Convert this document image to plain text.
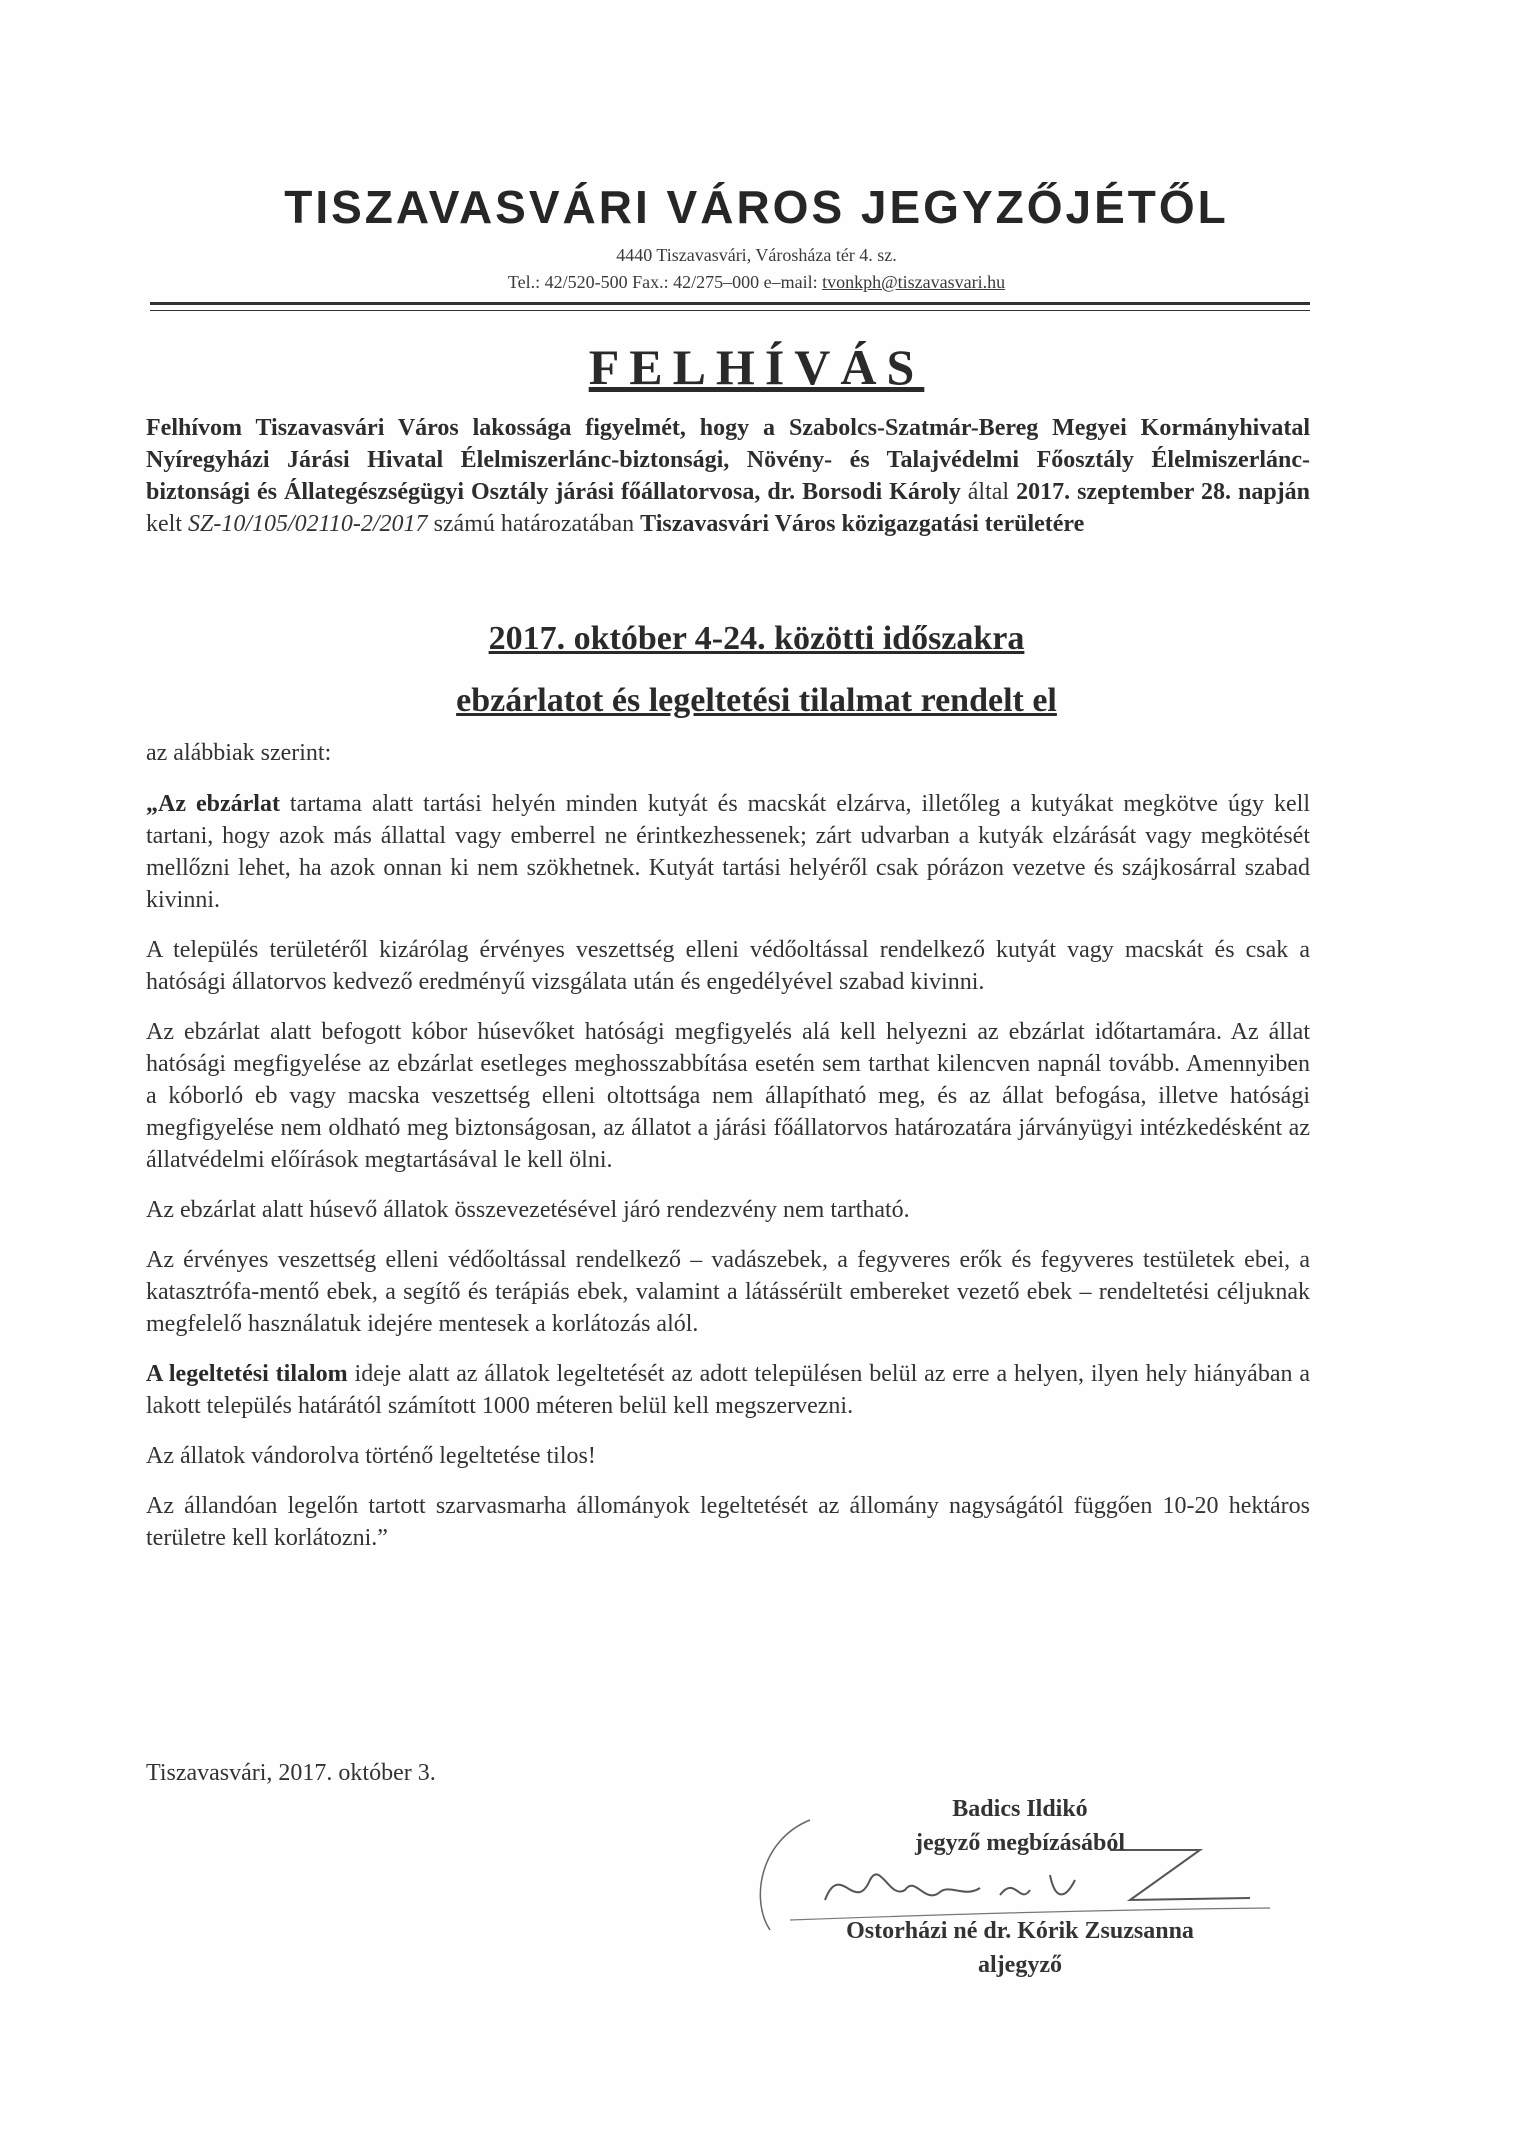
TISZAVASVÁRI VÁROS JEGYZŐJÉTŐL
4440 Tiszavasvári, Városháza tér 4. sz.
Tel.: 42/520-500 Fax.: 42/275–000 e–mail: tvonkph@tiszavasvari.hu
FELHÍVÁS
Felhívom Tiszavasvári Város lakossága figyelmét, hogy a Szabolcs-Szatmár-Bereg Megyei Kormányhivatal Nyíregyházi Járási Hivatal Élelmiszerlánc-biztonsági, Növény- és Talajvédelmi Főosztály Élelmiszerlánc-biztonsági és Állategészségügyi Osztály járási főállatorvosa, dr. Borsodi Károly által 2017. szeptember 28. napján kelt SZ-10/105/02110-2/2017 számú határozatában Tiszavasvári Város közigazgatási területére
2017. október 4-24. közötti időszakra
ebzárlatot és legeltetési tilalmat rendelt el
az alábbiak szerint:

„Az ebzárlat tartama alatt tartási helyén minden kutyát és macskát elzárva, illetőleg a kutyákat megkötve úgy kell tartani, hogy azok más állattal vagy emberrel ne érintkezhessenek; zárt udvarban a kutyák elzárását vagy megkötését mellőzni lehet, ha azok onnan ki nem szökhetnek. Kutyát tartási helyéről csak pórázon vezetve és szájkosárral szabad kivinni.

A település területéről kizárólag érvényes veszettség elleni védőoltással rendelkező kutyát vagy macskát és csak a hatósági állatorvos kedvező eredményű vizsgálata után és engedélyével szabad kivinni.

Az ebzárlat alatt befogott kóbor húsevőket hatósági megfigyelés alá kell helyezni az ebzárlat időtartamára. Az állat hatósági megfigyelése az ebzárlat esetleges meghosszabbítása esetén sem tarthat kilencven napnál tovább. Amennyiben a kóborló eb vagy macska veszettség elleni oltottsága nem állapítható meg, és az állat befogása, illetve hatósági megfigyelése nem oldható meg biztonságosan, az állatot a járási főállatorvos határozatára járványügyi intézkedésként az állatvédelmi előírások megtartásával le kell ölni.

Az ebzárlat alatt húsevő állatok összevezetésével járó rendezvény nem tartható.

Az érvényes veszettség elleni védőoltással rendelkező – vadászebek, a fegyveres erők és fegyveres testületek ebei, a katasztrófa-mentő ebek, a segítő és terápiás ebek, valamint a látássérült embereket vezető ebek – rendeltetési céljuknak megfelelő használatuk idejére mentesek a korlátozás alól.

A legeltetési tilalom ideje alatt az állatok legeltetését az adott településen belül az erre a helyen, ilyen hely hiányában a lakott település határától számított 1000 méteren belül kell megszervezni.

Az állatok vándorolva történő legeltetése tilos!

Az állandóan legelőn tartott szarvasmarha állományok legeltetését az állomány nagyságától függően 10-20 hektáros területre kell korlátozni.”

Tiszavasvári, 2017. október 3.
Badics Ildikó
jegyző megbízásából
Ostorházi né dr. Kórik Zsuzsanna
aljegyző
